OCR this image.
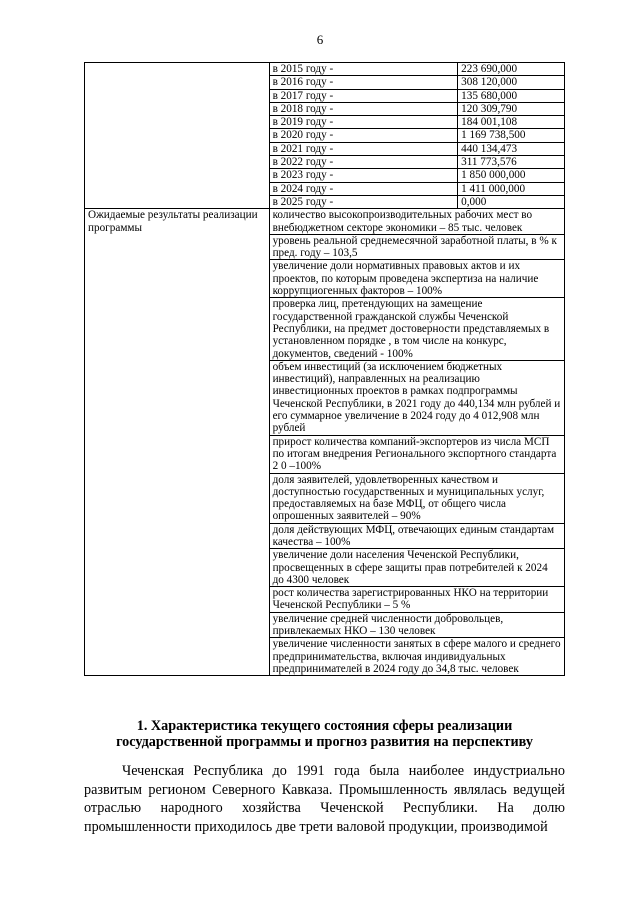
6
	в 2015 году -	223 690,000
	в 2016 году -	308 120,000
	в 2017 году -	135 680,000
	в 2018 году -	120 309,790
	в 2019 году -	184 001,108
	в 2020 году -	1 169 738,500
	в 2021 году -	440 134,473
	в 2022 году -	311 773,576
	в 2023 году -	1 850 000,000
	в 2024 году -	1 411 000,000
	в 2025 году -	0,000
Ожидаемые результаты реализации программы	количество высокопроизводительных рабочих мест во внебюджетном секторе экономики – 85 тыс. человек	
	уровень реальной среднемесячной заработной платы, в % к пред. году – 103,5	
	увеличение доли нормативных правовых актов и их проектов, по которым проведена экспертиза на наличие коррупциогенных факторов – 100%	
	проверка лиц, претендующих на замещение государственной гражданской службы Чеченской Республики, на предмет достоверности представляемых в установленном порядке , в том числе на конкурс, документов, сведений - 100%	
	объем инвестиций (за исключением бюджетных инвестиций), направленных на реализацию инвестиционных проектов в рамках подпрограммы Чеченской Республики, в 2021 году до 440,134 млн рублей и его суммарное увеличение в 2024 году до 4 012,908 млн рублей	
	прирост количества компаний-экспортеров из числа МСП по итогам внедрения Регионального экспортного стандарта 2 0 –100%	
	доля заявителей, удовлетворенных качеством и доступностью государственных и муниципальных услуг, предоставляемых на базе МФЦ, от общего числа опрошенных заявителей – 90%	
	доля действующих МФЦ, отвечающих единым стандартам качества – 100%	
	увеличение доли населения Чеченской Республики, просвещенных в сфере защиты прав потребителей к 2024 до 4300 человек	
	рост количества зарегистрированных НКО на территории Чеченской Республики – 5 %	
	увеличение средней численности добровольцев, привлекаемых НКО – 130 человек	
	увеличение численности занятых в сфере малого и среднего предпринимательства, включая индивидуальных предпринимателей в 2024 году до 34,8 тыс. человек	
1. Характеристика текущего состояния сферы реализации
государственной программы и прогноз развития на перспективу

Чеченская Республика до 1991 года была наиболее индустриально развитым регионом Северного Кавказа. Промышленность являлась ведущей отраслью народного хозяйства Чеченской Республики. На долю промышленности приходилось две трети валовой продукции, производимой
